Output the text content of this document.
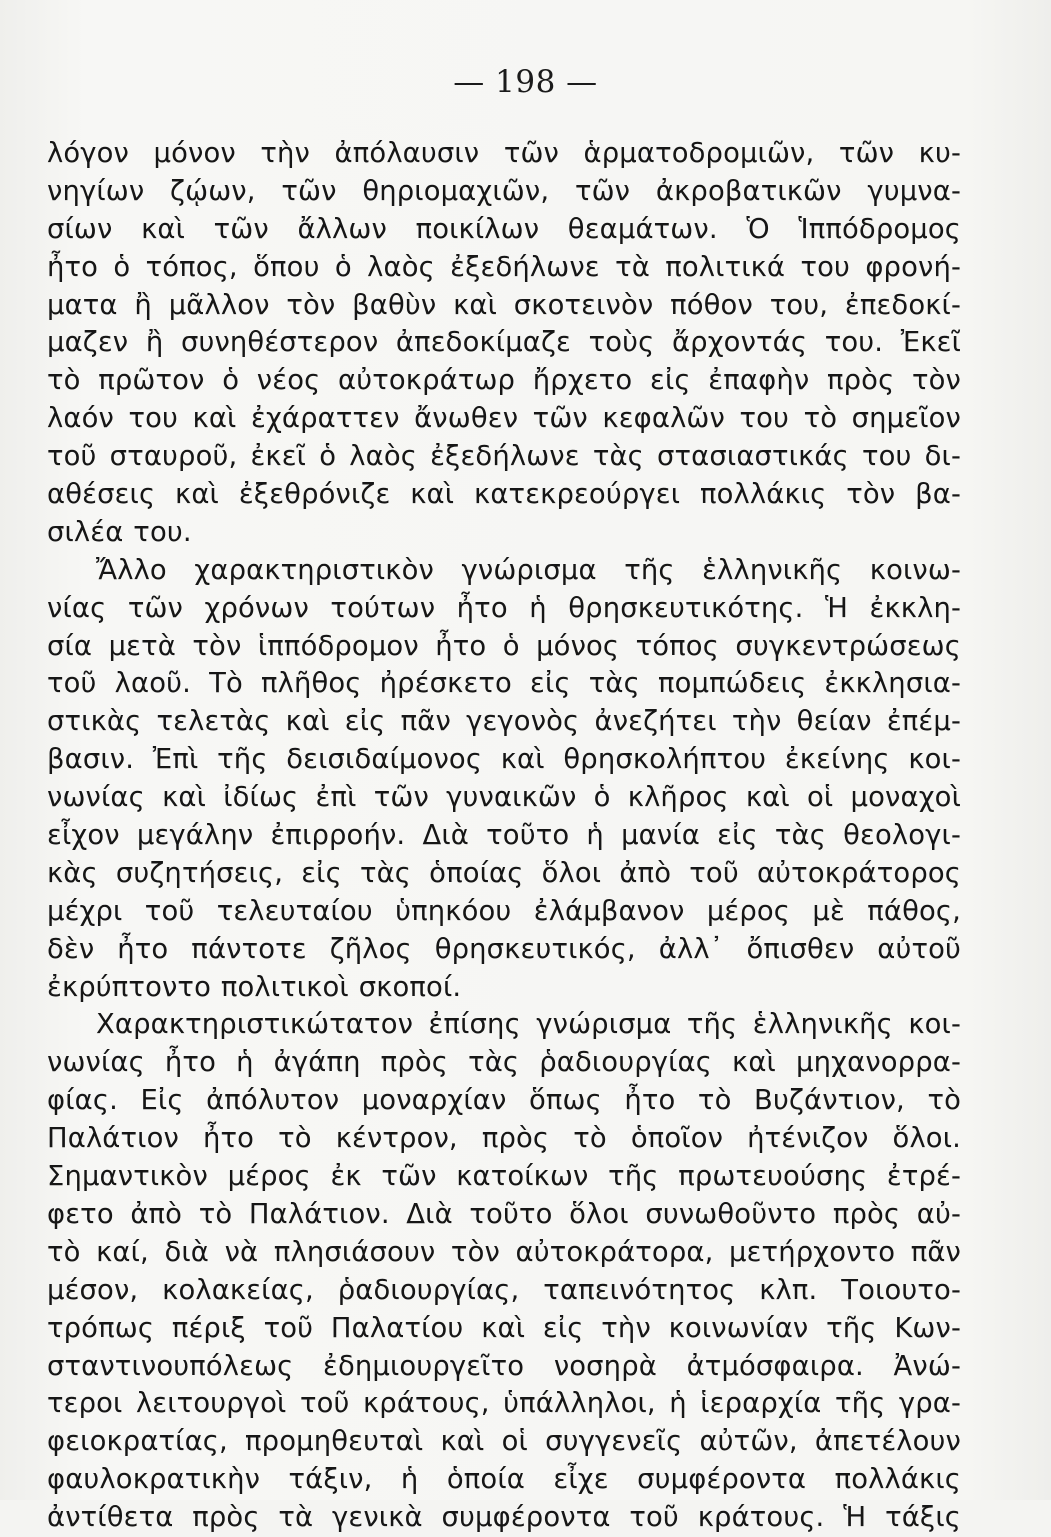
— 198 —
λόγον μόνον τὴν ἀπόλαυσιν τῶν ἁρματοδρομιῶν, τῶν κυ-
νηγίων ζῴων, τῶν θηριομαχιῶν, τῶν ἀκροβατικῶν γυμνα-
σίων καὶ τῶν ἄλλων ποικίλων θεαμάτων. Ὁ Ἱππόδρομος
ἦτο ὁ τόπος, ὅπου ὁ λαὸς ἐξεδήλωνε τὰ πολιτικά του φρονή-
ματα ἢ μᾶλλον τὸν βαθὺν καὶ σκοτεινὸν πόθον του, ἐπεδοκί-
μαζεν ἢ συνηθέστερον ἀπεδοκίμαζε τοὺς ἄρχοντάς του. Ἐκεῖ
τὸ πρῶτον ὁ νέος αὐτοκράτωρ ἤρχετο εἰς ἐπαφὴν πρὸς τὸν
λαόν του καὶ ἐχάραττεν ἄνωθεν τῶν κεφαλῶν του τὸ σημεῖον
τοῦ σταυροῦ, ἐκεῖ ὁ λαὸς ἐξεδήλωνε τὰς στασιαστικάς του δι-
αθέσεις καὶ ἐξεθρόνιζε καὶ κατεκρεούργει πολλάκις τὸν βα-
σιλέα του.
Ἄλλο χαρακτηριστικὸν γνώρισμα τῆς ἑλληνικῆς κοινω-
νίας τῶν χρόνων τούτων ἦτο ἡ θρησκευτικότης. Ἡ ἐκκλη-
σία μετὰ τὸν ἱππόδρομον ἦτο ὁ μόνος τόπος συγκεντρώσεως
τοῦ λαοῦ. Τὸ πλῆθος ἠρέσκετο εἰς τὰς πομπώδεις ἐκκλησια-
στικὰς τελετὰς καὶ εἰς πᾶν γεγονὸς ἀνεζήτει τὴν θείαν ἐπέμ-
βασιν. Ἐπὶ τῆς δεισιδαίμονος καὶ θρησκολήπτου ἐκείνης κοι-
νωνίας καὶ ἰδίως ἐπὶ τῶν γυναικῶν ὁ κλῆρος καὶ οἱ μοναχοὶ
εἶχον μεγάλην ἐπιρροήν. Διὰ τοῦτο ἡ μανία εἰς τὰς θεολογι-
κὰς συζητήσεις, εἰς τὰς ὁποίας ὅλοι ἀπὸ τοῦ αὐτοκράτορος
μέχρι τοῦ τελευταίου ὑπηκόου ἐλάμβανον μέρος μὲ πάθος,
δὲν ἦτο πάντοτε ζῆλος θρησκευτικός, ἀλλ᾽ ὄπισθεν αὐτοῦ
ἐκρύπτοντο πολιτικοὶ σκοποί.
Χαρακτηριστικώτατον ἐπίσης γνώρισμα τῆς ἑλληνικῆς κοι-
νωνίας ἦτο ἡ ἀγάπη πρὸς τὰς ῥαδιουργίας καὶ μηχανορρα-
φίας. Εἰς ἀπόλυτον μοναρχίαν ὅπως ἦτο τὸ Βυζάντιον, τὸ
Παλάτιον ἦτο τὸ κέντρον, πρὸς τὸ ὁποῖον ἠτένιζον ὅλοι.
Σημαντικὸν μέρος ἐκ τῶν κατοίκων τῆς πρωτευούσης ἐτρέ-
φετο ἀπὸ τὸ Παλάτιον. Διὰ τοῦτο ὅλοι συνωθοῦντο πρὸς αὐ-
τὸ καί, διὰ νὰ πλησιάσουν τὸν αὐτοκράτορα, μετήρχοντο πᾶν
μέσον, κολακείας, ῥαδιουργίας, ταπεινότητος κλπ. Τοιουτο-
τρόπως πέριξ τοῦ Παλατίου καὶ εἰς τὴν κοινωνίαν τῆς Κων-
σταντινουπόλεως ἐδημιουργεῖτο νοσηρὰ ἀτμόσφαιρα. Ἀνώ-
τεροι λειτουργοὶ τοῦ κράτους, ὑπάλληλοι, ἡ ἱεραρχία τῆς γρα-
φειοκρατίας, προμηθευταὶ καὶ οἱ συγγενεῖς αὐτῶν, ἀπετέλουν
φαυλοκρατικὴν τάξιν, ἡ ὁποία εἶχε συμφέροντα πολλάκις
ἀντίθετα πρὸς τὰ γενικὰ συμφέροντα τοῦ κράτους. Ἡ τάξις
